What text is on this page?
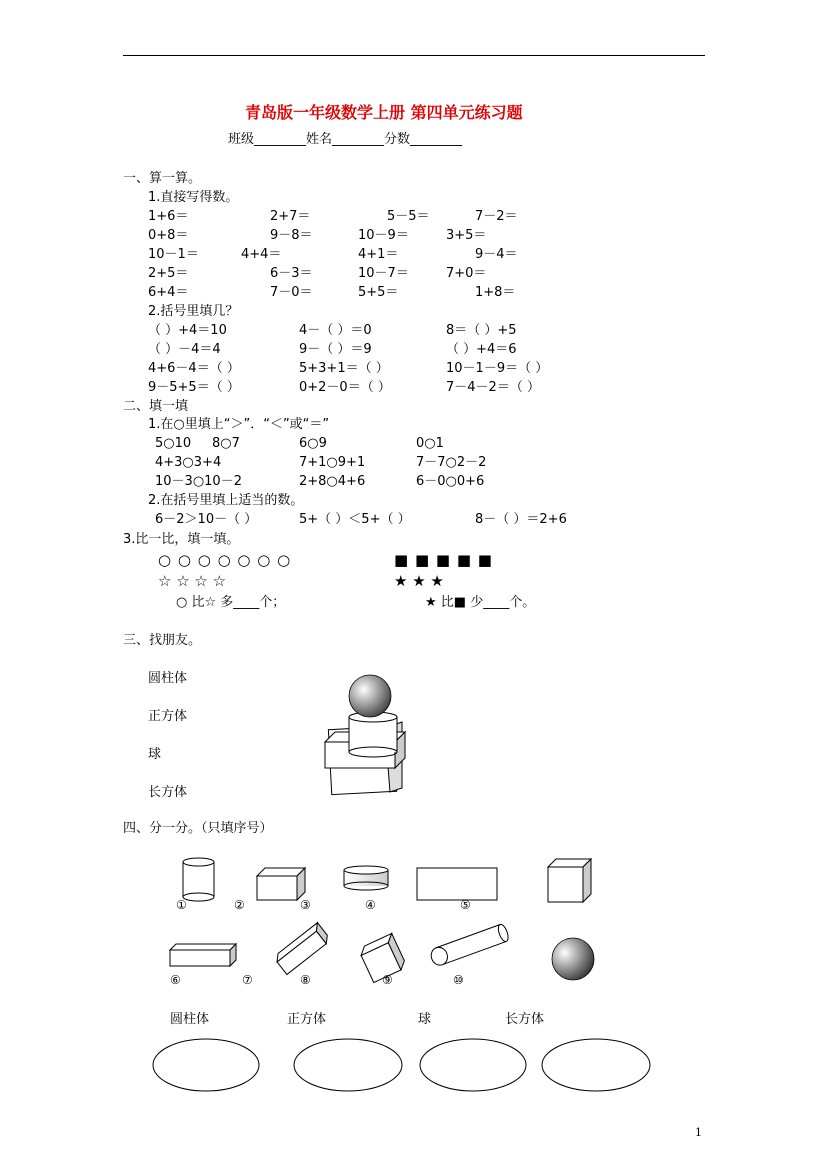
青岛版一年级数学上册 第四单元练习题
班级________姓名________分数________
一、算一算。
1.直接写得数。
1+6＝	2+7＝	5－5＝	7－2＝
0+8＝	9－8＝	10－9＝	3+5＝
10－1＝	4+4＝	4+1＝	9－4＝
2+5＝	6－3＝	10－7＝	7+0＝
6+4＝	7－0＝	5+5＝	1+8＝
2.括号里填几？
（ ）+4＝10	4－（ ）＝0	8＝（ ）+5
（ ）－4＝4	9－（ ）＝9	（ ）+4＝6
4+6－4＝（ ）	5+3+1＝（ ）	10－1－9＝（ ）
9－5+5＝（ ）	0+2－0＝（ ）	7－4－2＝（ ）
二、填一填
1.在○里填上“＞”．“＜”或“＝”
5○10 8○7	6○9	0○1
4+3○3+4	7+1○9+1	7－7○2－2
10－3○10－2	2+8○4+6	6－0○0+6
2.在括号里填上适当的数。
6－2＞10－（ ）	5+（ ）＜5+（ ）	8－（ ）＝2+6
3.比一比，填一填。
○ ○ ○ ○ ○ ○ ○	■ ■ ■ ■ ■
☆ ☆ ☆ ☆	★ ★ ★
○ 比☆ 多____个；	★ 比■ 少____个。
三、找朋友。
圆柱体
正方体
球
长方体
四、分一分。（只填序号）
①	②	③	④	⑤
⑥	⑦	⑧	⑨	⑩
圆柱体	正方体	球	长方体
1
